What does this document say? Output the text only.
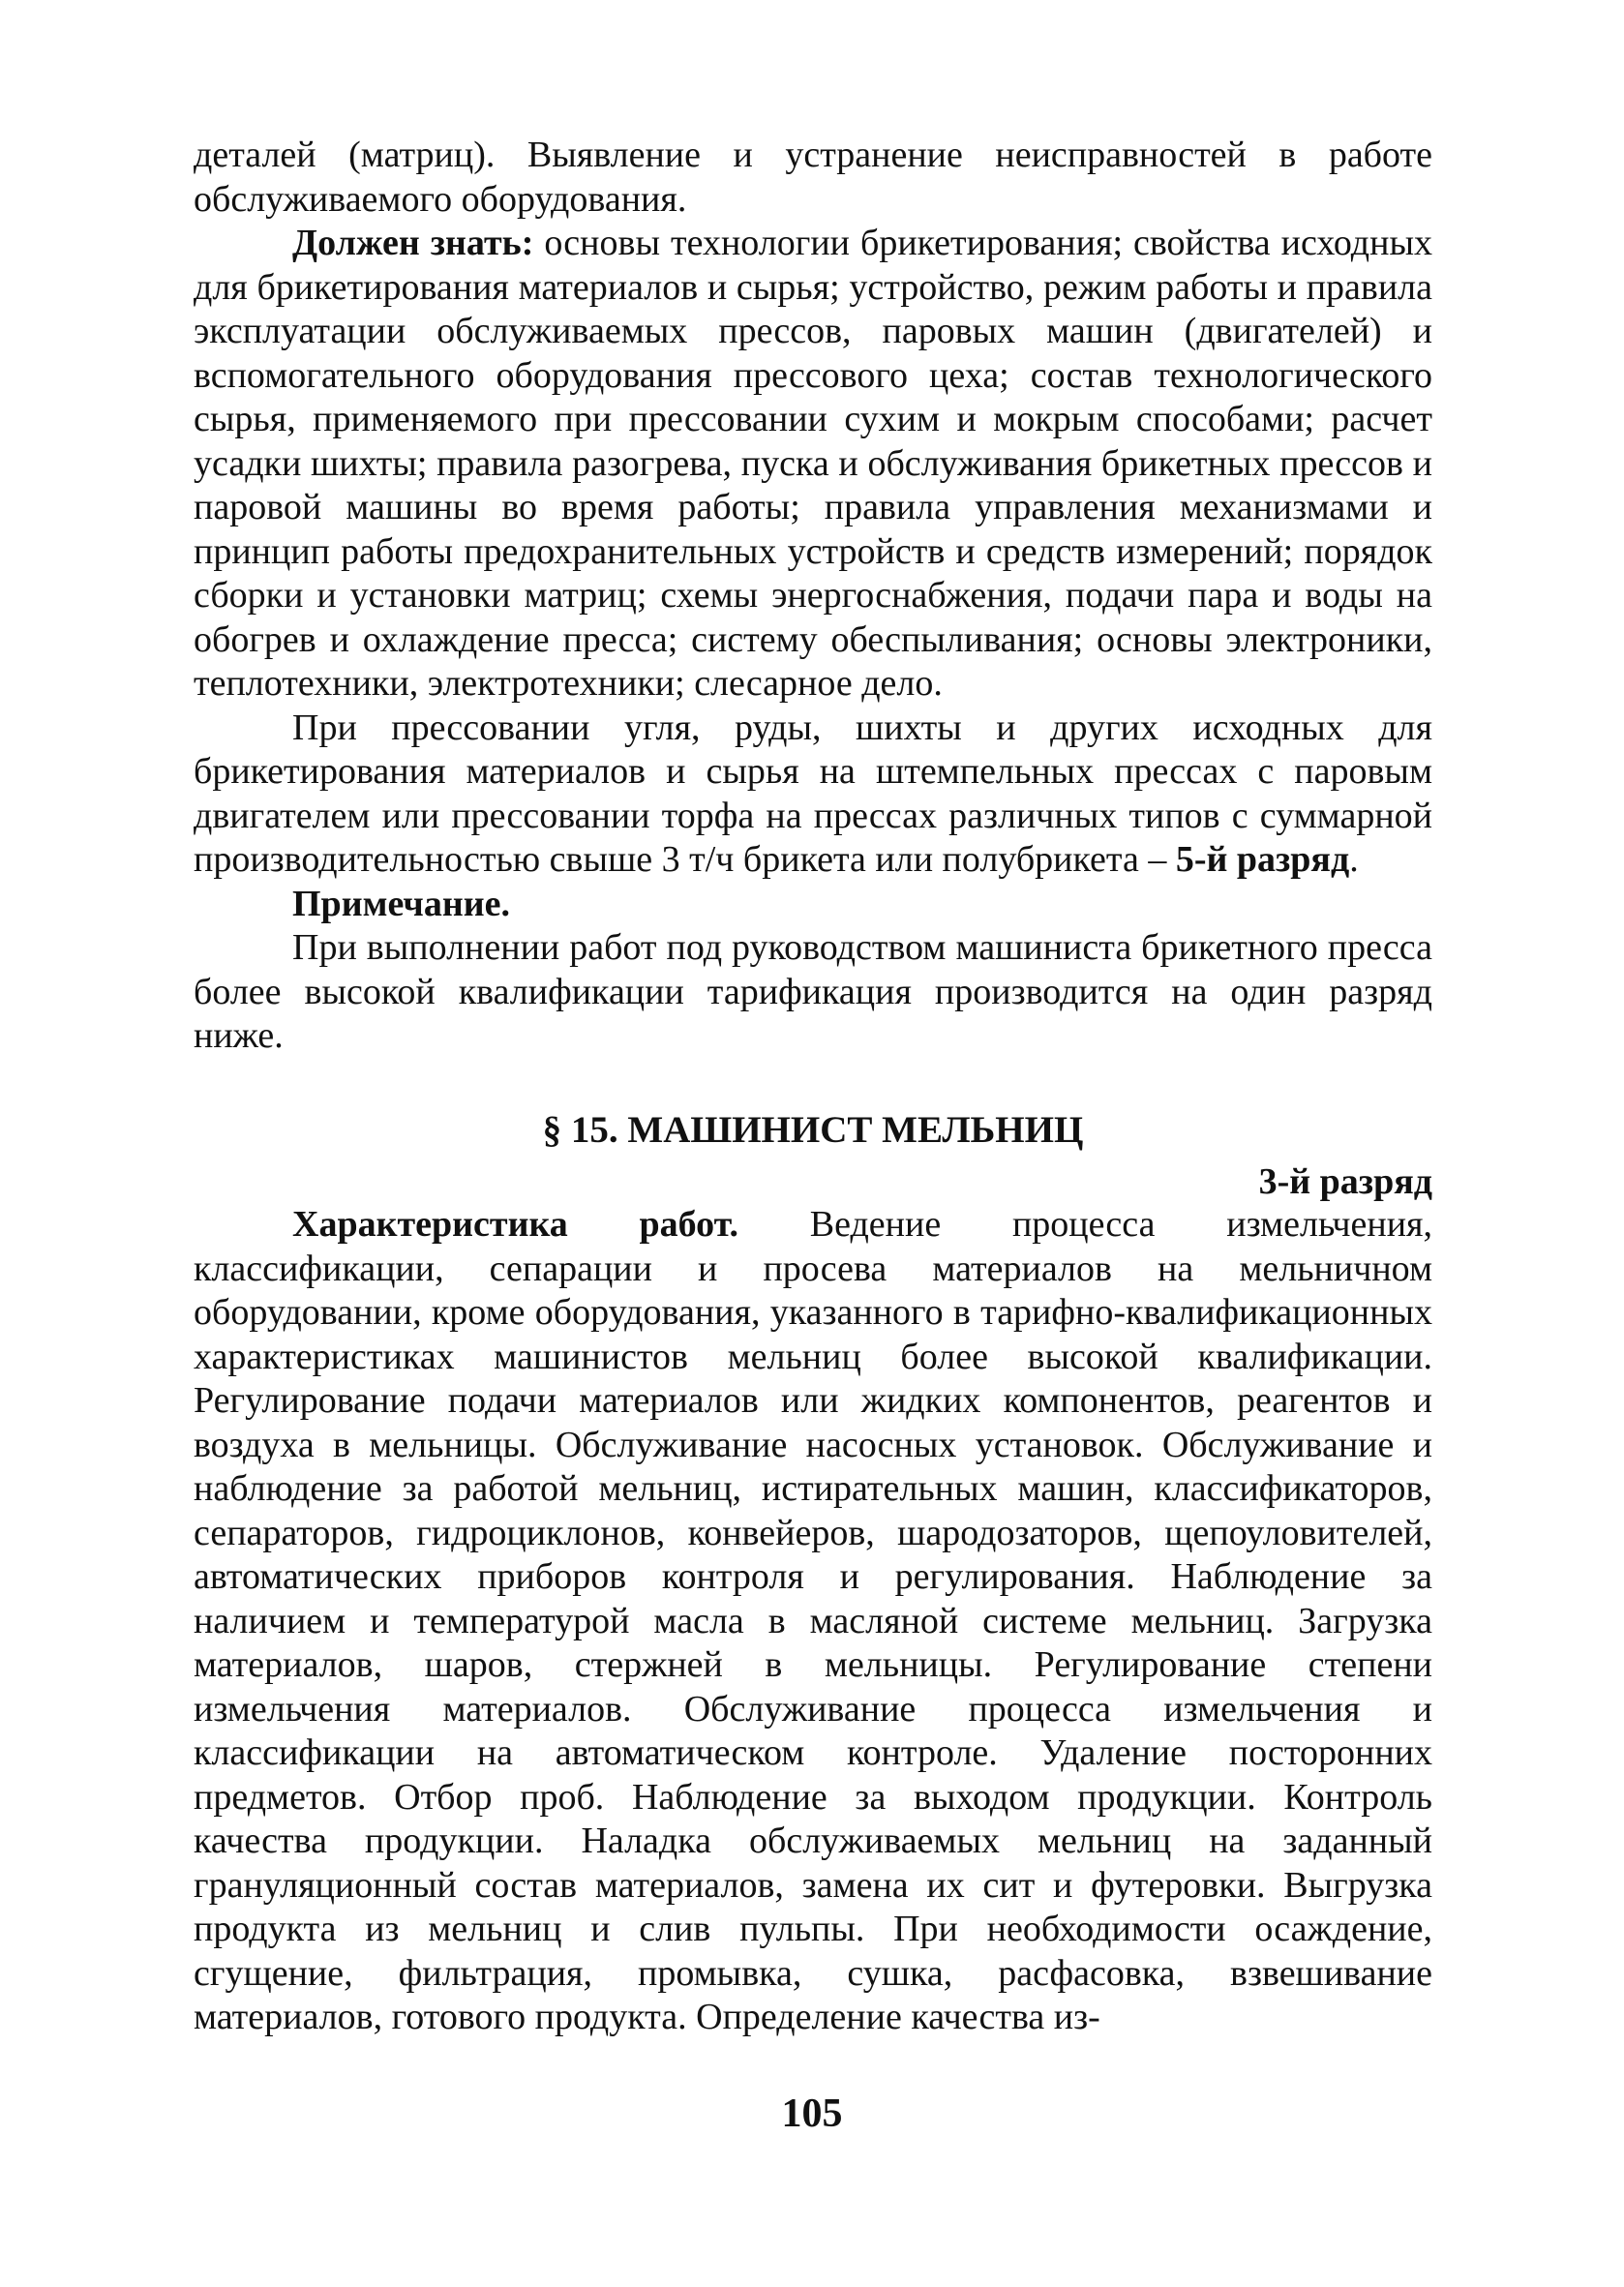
деталей (матриц). Выявление и устранение неисправностей в работе обслуживаемого оборудования.

Должен знать: основы технологии брикетирования; свойства исходных для брикетирования материалов и сырья; устройство, режим работы и правила эксплуатации обслуживаемых прессов, паровых машин (двигателей) и вспомогательного оборудования прессового цеха; состав технологического сырья, применяемого при прессовании сухим и мокрым способами; расчет усадки шихты; правила разогрева, пуска и обслуживания брикетных прессов и паровой машины во время работы; правила управления механизмами и принцип работы предохранительных устройств и средств измерений; порядок сборки и установки матриц; схемы энергоснабжения, подачи пара и воды на обогрев и охлаждение пресса; систему обеспыливания; основы электроники, теплотехники, электротехники; слесарное дело.

При прессовании угля, руды, шихты и других исходных для брикетирования материалов и сырья на штемпельных прессах с паровым двигателем или прессовании торфа на прессах различных типов с суммарной производительностью свыше 3 т/ч брикета или полубрикета – 5-й разряд.

Примечание.

При выполнении работ под руководством машиниста брикетного пресса более высокой квалификации тарификация производится на один разряд ниже.

§ 15. МАШИНИСТ МЕЛЬНИЦ

3-й разряд

Характеристика работ. Ведение процесса измельчения, классификации, сепарации и просева материалов на мельничном оборудовании, кроме оборудования, указанного в тарифно-квалификационных характеристиках машинистов мельниц более высокой квалификации. Регулирование подачи материалов или жидких компонентов, реагентов и воздуха в мельницы. Обслуживание насосных установок. Обслуживание и наблюдение за работой мельниц, истирательных машин, классификаторов, сепараторов, гидроциклонов, конвейеров, шародозаторов, щепоуловителей, автоматических приборов контроля и регулирования. Наблюдение за наличием и температурой масла в масляной системе мельниц. Загрузка материалов, шаров, стержней в мельницы. Регулирование степени измельчения материалов. Обслуживание процесса измельчения и классификации на автоматическом контроле. Удаление посторонних предметов. Отбор проб. Наблюдение за выходом продукции. Контроль качества продукции. Наладка обслуживаемых мельниц на заданный грануляционный состав материалов, замена их сит и футеровки. Выгрузка продукта из мельниц и слив пульпы. При необходимости осаждение, сгущение, фильтрация, промывка, сушка, расфасовка, взвешивание материалов, готового продукта. Определение качества из-

105
